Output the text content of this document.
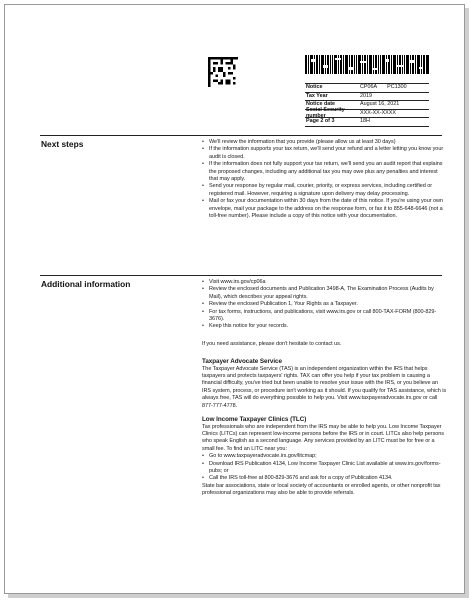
Notice	CP06A PC1300
Tax Year	2019
Notice date	August 16, 2021
Social Security number	XXX-XX-XXXX
Page 2 of 3	18H
Next steps	• We'll review the information that you provide (please allow us at least 30 days)
• If the information supports your tax return, we'll send your refund and a letter letting you know your audit is closed.
• If the information does not fully support your tax return, we'll send you an audit report that explains the proposed changes, including any additional tax you may owe plus any penalties and interest that may apply.
• Send your response by regular mail, courier, priority, or express services, including certified or registered mail. However, requiring a signature upon delivery may delay processing.
• Mail or fax your documentation within 30 days from the date of this notice. If you're using your own envelope, mail your package to the address on the response form, or fax it to 855-648-6646 (not a toll-free number). Please include a copy of this notice with your documentation.
Additional information	• Visit www.irs.gov/cp06a
• Review the enclosed documents and Publication 3498-A, The Examination Process (Audits by Mail), which describes your appeal rights.
• Review the enclosed Publication 1, Your Rights as a Taxpayer.
• For tax forms, instructions, and publications, visit www.irs.gov or call 800-TAX-FORM (800-829-3676).
• Keep this notice for your records.

If you need assistance, please don't hesitate to contact us.

Taxpayer Advocate Service

The Taxpayer Advocate Service (TAS) is an independent organization within the IRS that helps taxpayers and protects taxpayers' rights. TAX can offer you help if your tax problem is causing a financial difficulty, you've tried but been unable to resolve your issue with the IRS, or you believe an IRS system, process, or procedure isn't working as it should. If you qualify for TAS assistance, which is always free, TAS will do everything possible to help you. Visit www.taxpayeradvocate.irs.gov or call 877-777-4778.

Low Income Taxpayer Clinics (TLC)

Tax professionals who are independent from the IRS may be able to help you. Low Income Taxpayer Clinics (LITCs) can represent low-income persons before the IRS or in court. LITCs also help persons who speak English as a second language. Any services provided by an LITC must be for free or a small fee. To find an LITC near you:

• Go to www.taxpayeradvocate.irs.gov/litcmap;
• Download IRS Publication 4134, Low Income Taxpayer Clinic List available at www.irs.gov/forms-pubs; or
• Call the IRS toll-free at 800-829-3676 and ask for a copy of Publication 4134.

State bar associations, state or local society of accountants or enrolled agents, or other nonprofit tax professional organizations may also be able to provide referrals.
